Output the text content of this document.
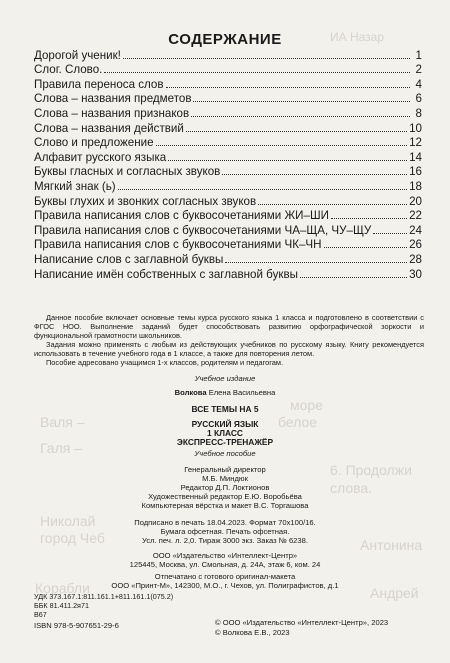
ИА Назар
море
белое
Валя –
Галя –
6. Продолжи
слова.
Николай
город Чеб	Антонина
Корабли	Андрей
СОДЕРЖАНИЕ
Дорогой ученик!	1
Слог. Слово.	2
Правила переноса слов	4
Слова – названия предметов	6
Слова – названия признаков	8
Слова – названия действий	10
Слово и предложение	12
Алфавит русского языка	14
Буквы гласных и согласных звуков	16
Мягкий знак (ь)	18
Буквы глухих и звонких согласных звуков	20
Правила написания слов с буквосочетаниями ЖИ–ШИ	22
Правила написания слов с буквосочетаниями ЧА–ЩА, ЧУ–ЩУ	24
Правила написания слов с буквосочетаниями ЧК–ЧН	26
Написание слов с заглавной буквы	28
Написание имён собственных с заглавной буквы	30

Данное пособие включает основные темы курса русского языка 1 класса и подготовлено в соответствии с ФГОС НОО. Выполнение заданий будет способствовать развитию орфографической зоркости и функциональной грамотности школьников.

Задания можно применять с любым из действующих учебников по русскому языку. Книгу рекомендуется использовать в течение учебного года в 1 классе, а также для повторения летом.

Пособие адресовано учащимся 1-х классов, родителям и педагогам.

Учебное издание
Волкова Елена Васильевна
ВСЕ ТЕМЫ НА 5
РУССКИЙ ЯЗЫК
1 КЛАСС
ЭКСПРЕСС-ТРЕНАЖЁР
Учебное пособие
Генеральный директор
М.Б. Миндюк
Редактор Д.П. Локтионов
Художественный редактор Е.Ю. Воробьёва
Компьютерная вёрстка и макет В.С. Торгашова
Подписано в печать 18.04.2023. Формат 70х100/16.
Бумага офсетная. Печать офсетная.
Усл. печ. л. 2,0. Тираж 3000 экз. Заказ № 6238.
ООО «Издательство «Интеллект-Центр»
125445, Москва, ул. Смольная, д. 24А, этаж 6, ком. 24
Отпечатано с готового оригинал-макета
ООО «Принт-М», 142300, М.О., г. Чехов, ул. Полиграфистов, д.1
УДК 373.167.1:811.161.1+811.161.1(075.2)
ББК 81.411.2я71
В67
ISBN 978-5-907651-29-6	© ООО «Издательство «Интеллект-Центр», 2023
© Волкова Е.В., 2023
